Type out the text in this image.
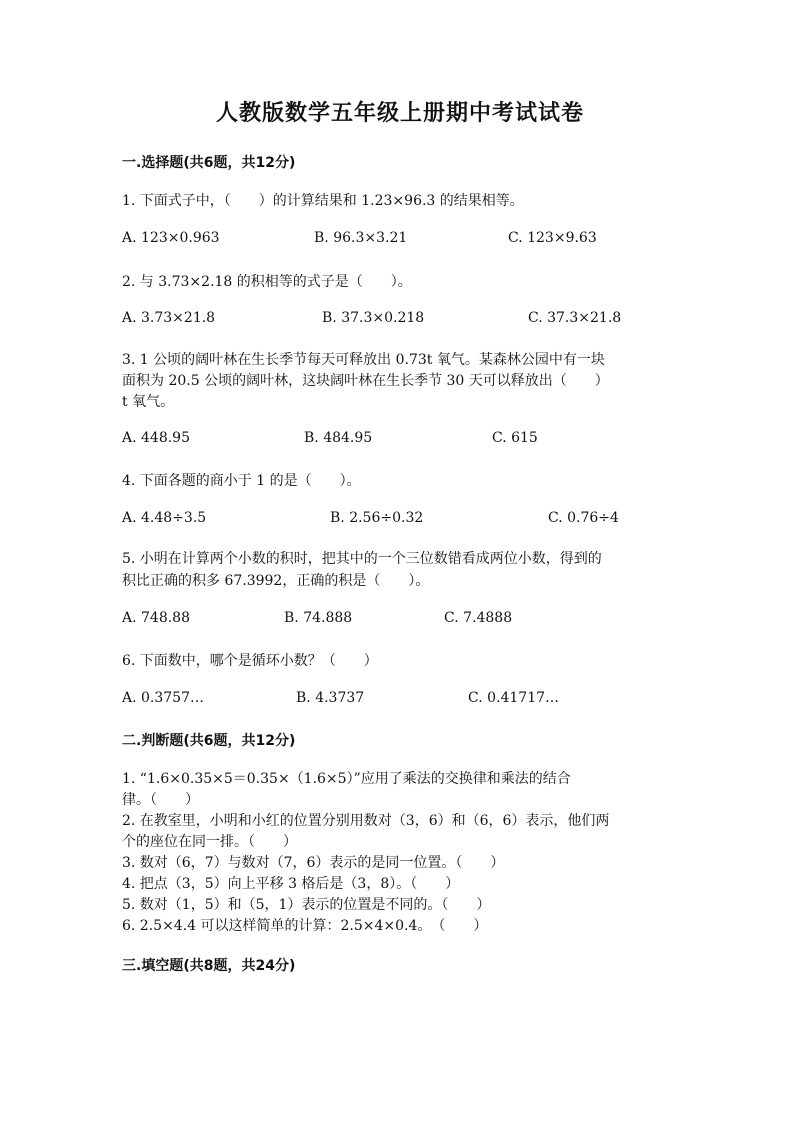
人教版数学五年级上册期中考试试卷
一.选择题(共6题，共12分)
1. 下面式子中，（　　）的计算结果和 1.23×96.3 的结果相等。
A. 123×0.963	B. 96.3×3.21	C. 123×9.63
2. 与 3.73×2.18 的积相等的式子是（　　）。
A. 3.73×21.8	B. 37.3×0.218	C. 37.3×21.8
3. 1 公顷的阔叶林在生长季节每天可释放出 0.73t 氧气。某森林公园中有一块
面积为 20.5 公顷的阔叶林，这块阔叶林在生长季节 30 天可以释放出（　　）
t 氧气。
A. 448.95	B. 484.95	C. 615
4. 下面各题的商小于 1 的是（　　）。
A. 4.48÷3.5	B. 2.56÷0.32	C. 0.76÷4
5. 小明在计算两个小数的积时，把其中的一个三位数错看成两位小数，得到的
积比正确的积多 67.3992，正确的积是（　　）。
A. 748.88	B. 74.888	C. 7.4888
6. 下面数中，哪个是循环小数？（　　）
A. 0.3757…	B. 4.3737	C. 0.41717…
二.判断题(共6题，共12分)
1. “1.6×0.35×5＝0.35×（1.6×5）”应用了乘法的交换律和乘法的结合
律。（　　）
2. 在教室里，小明和小红的位置分别用数对（3，6）和（6，6）表示，他们两
个的座位在同一排。（　　）
3. 数对（6，7）与数对（7，6）表示的是同一位置。（　　）
4. 把点（3，5）向上平移 3 格后是（3，8）。（　　）
5. 数对（1，5）和（5，1）表示的位置是不同的。（　　）
6. 2.5×4.4 可以这样简单的计算：2.5×4×0.4。　（　　）
三.填空题(共8题，共24分)
